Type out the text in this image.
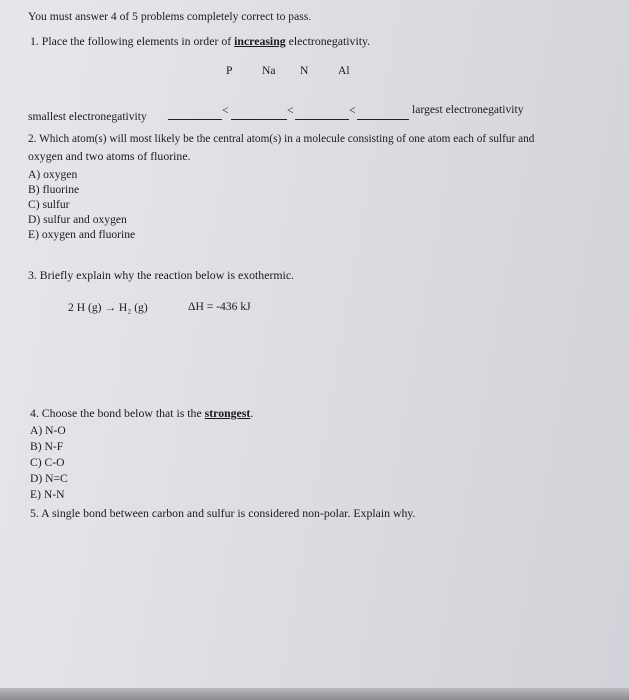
You must answer 4 of 5 problems completely correct to pass.
1. Place the following elements in order of increasing electronegativity.
P	Na N	Al
smallest electronegativity	<	<	<	largest electronegativity
2. Which atom(s) will most likely be the central atom(s) in a molecule consisting of one atom each of sulfur and
oxygen and two atoms of fluorine.
A) oxygen
B) fluorine
C) sulfur
D) sulfur and oxygen
E) oxygen and fluorine
3. Briefly explain why the reaction below is exothermic.
2 H (g) → H₂ (g)	ΔH = -436 kJ
4. Choose the bond below that is the strongest.
A) N-O
B) N-F
C) C-O
D) N=C
E) N-N
5. A single bond between carbon and sulfur is considered non-polar. Explain why.
